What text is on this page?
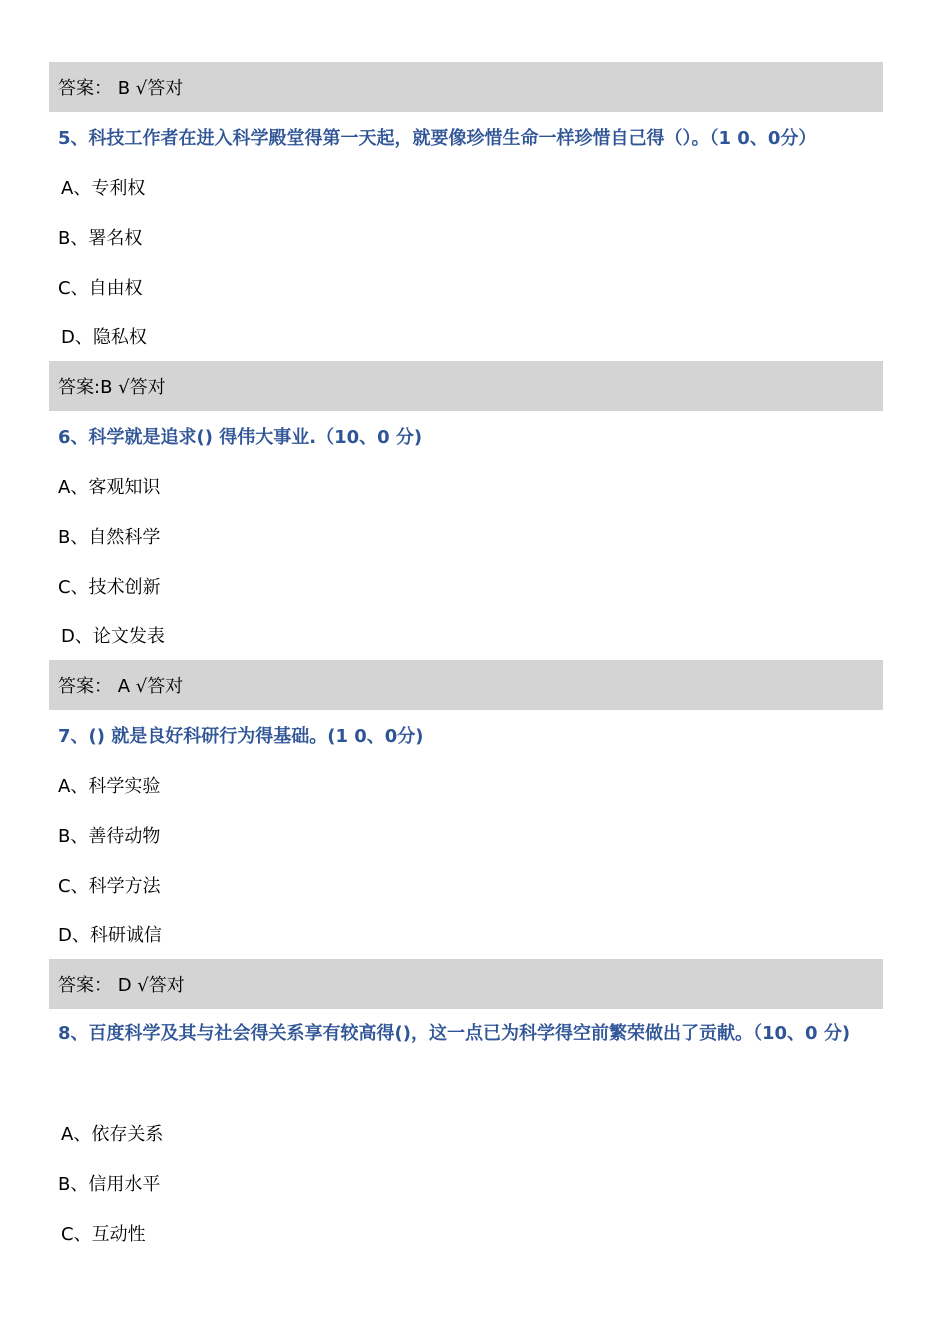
答案： B √答对
5、科技工作者在进入科学殿堂得第一天起，就要像珍惜生命一样珍惜自己得（）。（1 0、0分）
A、专利权
B、署名权
C、自由权
D、隐私权
答案:B √答对
6、科学就是追求() 得伟大事业.（10、0 分)
A、客观知识
B、自然科学
C、技术创新
D、论文发表
答案： A √答对
7、() 就是良好科研行为得基础。(1 0、0分)
A、科学实验
B、善待动物
C、科学方法
D、科研诚信
答案： D √答对
8、百度科学及其与社会得关系享有较高得()，这一点已为科学得空前繁荣做出了贡献。（10、0 分)
A、依存关系
B、信用水平
C、互动性
